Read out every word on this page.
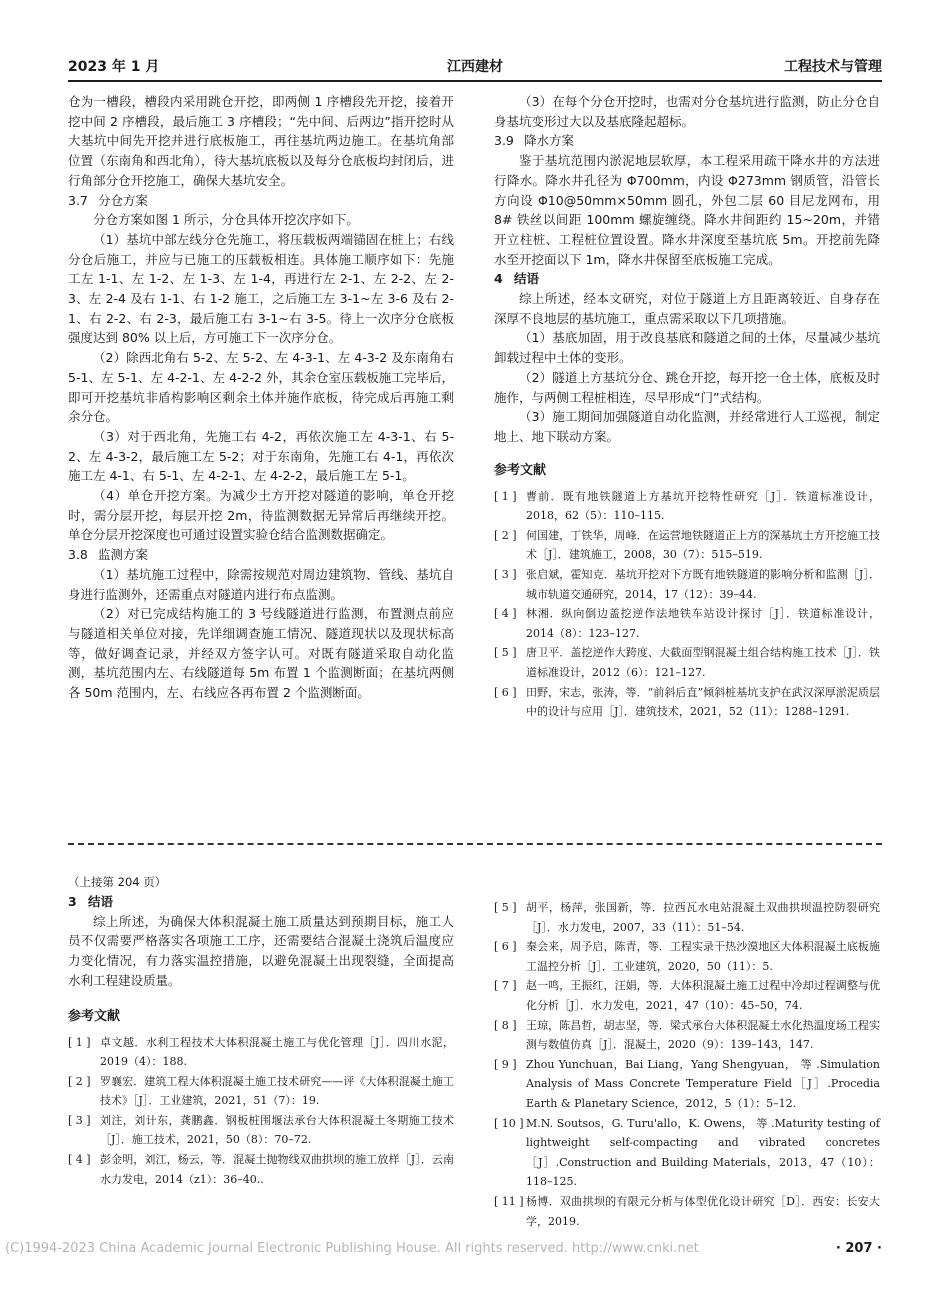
2023 年 1 月	江西建材	工程技术与管理

仓为一槽段，槽段内采用跳仓开挖，即两侧 1 序槽段先开挖，接着开挖中间 2 序槽段，最后施工 3 序槽段；“先中间、后两边”指开挖时从大基坑中间先开挖并进行底板施工，再往基坑两边施工。在基坑角部位置（东南角和西北角），待大基坑底板以及每分仓底板均封闭后，进行角部分仓开挖施工，确保大基坑安全。

3.7 分仓方案

分仓方案如图 1 所示，分仓具体开挖次序如下。

（1）基坑中部左线分仓先施工，将压载板两端锚固在桩上；右线分仓后施工，并应与已施工的压载板相连。具体施工顺序如下：先施工左 1-1、左 1-2、左 1-3、左 1-4，再进行左 2-1、左 2-2、左 2-3、左 2-4 及右 1-1、右 1-2 施工，之后施工左 3-1~左 3-6 及右 2-1、右 2-2、右 2-3，最后施工右 3-1~右 3-5。待上一次序分仓底板强度达到 80% 以上后，方可施工下一次序分仓。

（2）除西北角右 5-2、左 5-2、左 4-3-1、左 4-3-2 及东南角右 5-1、左 5-1、左 4-2-1、左 4-2-2 外，其余仓室压载板施工完毕后，即可开挖基坑非盾构影响区剩余土体并施作底板，待完成后再施工剩余分仓。

（3）对于西北角，先施工右 4-2，再依次施工左 4-3-1、右 5-2、左 4-3-2，最后施工左 5-2；对于东南角，先施工右 4-1，再依次施工左 4-1、右 5-1、左 4-2-1、左 4-2-2，最后施工左 5-1。

（4）单仓开挖方案。为减少土方开挖对隧道的影响，单仓开挖时，需分层开挖，每层开挖 2m，待监测数据无异常后再继续开挖。单仓分层开挖深度也可通过设置实验仓结合监测数据确定。

3.8 监测方案

（1）基坑施工过程中，除需按规范对周边建筑物、管线、基坑自身进行监测外，还需重点对隧道内进行布点监测。

（2）对已完成结构施工的 3 号线隧道进行监测，布置测点前应与隧道相关单位对接，先详细调查施工情况、隧道现状以及现状标高等，做好调查记录，并经双方签字认可。对既有隧道采取自动化监测，基坑范围内左、右线隧道每 5m 布置 1 个监测断面；在基坑两侧各 50m 范围内，左、右线应各再布置 2 个监测断面。

（3）在每个分仓开挖时，也需对分仓基坑进行监测，防止分仓自身基坑变形过大以及基底隆起超标。

3.9 降水方案

鉴于基坑范围内淤泥地层软厚，本工程采用疏干降水井的方法进行降水。降水井孔径为 Φ700mm，内设 Φ273mm 钢质管，沿管长方向设 Φ10@50mm×50mm 圆孔，外包二层 60 目尼龙网布，用 8# 铁丝以间距 100mm 螺旋缠绕。降水井间距约 15~20m，并错开立柱桩、工程桩位置设置。降水井深度至基坑底 5m。开挖前先降水至开挖面以下 1m，降水井保留至底板施工完成。

4 结语

综上所述，经本文研究，对位于隧道上方且距离较近、自身存在深厚不良地层的基坑施工，重点需采取以下几项措施。

（1）基底加固，用于改良基底和隧道之间的土体，尽量减少基坑卸载过程中土体的变形。

（2）隧道上方基坑分仓、跳仓开挖，每开挖一仓土体，底板及时施作，与两侧工程桩相连，尽早形成“门”式结构。

（3）施工期间加强隧道自动化监测，并经常进行人工巡视，制定地上、地下联动方案。

参考文献

[ 1 ] 曹前．既有地铁隧道上方基坑开挖特性研究［J］．铁道标准设计，2018，62（5）：110–115.

[ 2 ] 何国建，丁铁华，周峰．在运营地铁隧道正上方的深基坑土方开挖施工技术［J］．建筑施工，2008，30（7）：515–519.

[ 3 ] 张启斌，霍知克．基坑开挖对下方既有地铁隧道的影响分析和监测［J］．城市轨道交通研究，2014，17（12）：39–44.

[ 4 ] 林湘．纵向倒边盖挖逆作法地铁车站设计探讨［J］．铁道标准设计，2014（8）：123–127.

[ 5 ] 唐卫平．盖挖逆作大跨度、大截面型钢混凝土组合结构施工技术［J］．铁道标准设计，2012（6）：121–127.

[ 6 ] 田野，宋志，张涛，等．“前斜后直”倾斜桩基坑支护在武汉深厚淤泥质层中的设计与应用［J］．建筑技术，2021，52（11）：1288–1291.

（上接第 204 页）

3 结语

综上所述，为确保大体积混凝土施工质量达到预期目标，施工人员不仅需要严格落实各项施工工序，还需要结合混凝土浇筑后温度应力变化情况，有力落实温控措施，以避免混凝土出现裂缝，全面提高水利工程建设质量。

参考文献

[ 1 ] 卓文越．水利工程技术大体积混凝土施工与优化管理［J］．四川水泥，2019（4）：188.

[ 2 ] 罗襄宏．建筑工程大体积混凝土施工技术研究——评《大体积混凝土施工技术》［J］．工业建筑，2021，51（7）：19.

[ 3 ] 刘注，刘计东，龚鹏鑫．钢板桩围堰法承台大体积混凝土冬期施工技术［J］．施工技术，2021，50（8）：70–72.

[ 4 ] 彭金明，刘江，杨云，等．混凝土抛物线双曲拱坝的施工放样［J］．云南水力发电，2014（z1）：36–40..

[ 5 ] 胡平，杨萍，张国新，等．拉西瓦水电站混凝土双曲拱坝温控防裂研究［J］．水力发电，2007，33（11）：51–54.

[ 6 ] 秦会来，周予启，陈青，等．工程实录干热沙漠地区大体积混凝土底板施工温控分析［J］．工业建筑，2020，50（11）：5.

[ 7 ] 赵一鸣，王振红，汪娟，等．大体积混凝土施工过程中冷却过程调整与优化分析［J］．水力发电，2021，47（10）：45–50，74.

[ 8 ] 王琼，陈昌哲，胡志坚，等．梁式承台大体积混凝土水化热温度场工程实测与数值仿真［J］．混凝土，2020（9）：139–143，147.

[ 9 ] Zhou Yunchuan，Bai Liang，Yang Shengyuan， 等 .Simulation Analysis of Mass Concrete Temperature Field［J］.Procedia Earth & Planetary Science，2012，5（1）：5–12.

[ 10 ] M.N. Soutsos，G. Turu'allo，K. Owens， 等 .Maturity testing of lightweight self-compacting and vibrated concretes［J］.Construction and Building Materials，2013，47（10）：118–125.

[ 11 ] 杨博．双曲拱坝的有限元分析与体型优化设计研究［D］．西安：长安大学，2019.

(C)1994-2023 China Academic Journal Electronic Publishing House. All rights reserved. http://www.cnki.net	· 207 ·
